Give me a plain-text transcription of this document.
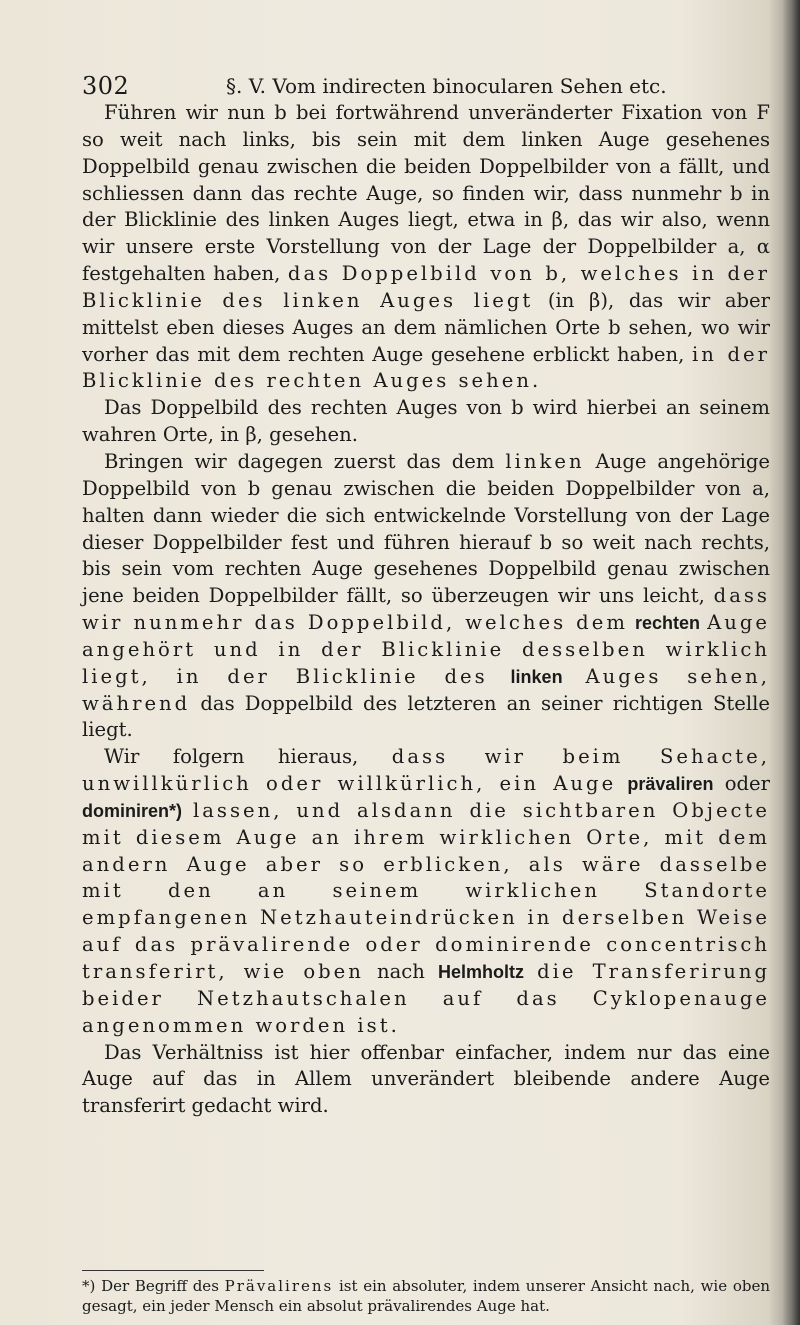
302	§. V. Vom indirecten binocularen Sehen etc.

Führen wir nun b bei fortwährend unveränderter Fixation von F so weit nach links, bis sein mit dem linken Auge gesehenes Doppelbild genau zwischen die beiden Doppelbilder von a fällt, und schliessen dann das rechte Auge, so finden wir, dass nunmehr b in der Blicklinie des linken Auges liegt, etwa in β, das wir also, wenn wir unsere erste Vorstellung von der Lage der Doppelbilder a, α festgehalten haben, das Doppelbild von b, welches in der Blicklinie des linken Auges liegt (in β), das wir aber mittelst eben dieses Auges an dem nämlichen Orte b sehen, wo wir vorher das mit dem rechten Auge gesehene erblickt haben, in der Blicklinie des rechten Auges sehen.

Das Doppelbild des rechten Auges von b wird hierbei an seinem wahren Orte, in β, gesehen.

Bringen wir dagegen zuerst das dem linken Auge angehörige Doppelbild von b genau zwischen die beiden Doppelbilder von a, halten dann wieder die sich entwickelnde Vorstellung von der Lage dieser Doppelbilder fest und führen hierauf b so weit nach rechts, bis sein vom rechten Auge gesehenes Doppelbild genau zwischen jene beiden Doppelbilder fällt, so überzeugen wir uns leicht, dass wir nunmehr das Doppelbild, welches dem rechten Auge angehört und in der Blicklinie desselben wirklich liegt, in der Blicklinie des linken Auges sehen, während das Doppelbild des letzteren an seiner richtigen Stelle liegt.

Wir folgern hieraus, dass wir beim Sehacte, unwillkürlich oder willkürlich, ein Auge prävaliren oder dominiren*) lassen, und alsdann die sichtbaren Objecte mit diesem Auge an ihrem wirklichen Orte, mit dem andern Auge aber so erblicken, als wäre dasselbe mit den an seinem wirklichen Standorte empfangenen Netzhauteindrücken in derselben Weise auf das prävalirende oder dominirende concentrisch transferirt, wie oben nach Helmholtz die Transferirung beider Netzhautschalen auf das Cyklopenauge angenommen worden ist.

Das Verhältniss ist hier offenbar einfacher, indem nur das eine Auge auf das in Allem unverändert bleibende andere Auge transferirt gedacht wird.

*) Der Begriff des Prävalirens ist ein absoluter, indem unserer Ansicht nach, wie oben gesagt, ein jeder Mensch ein absolut prävalirendes Auge hat.
